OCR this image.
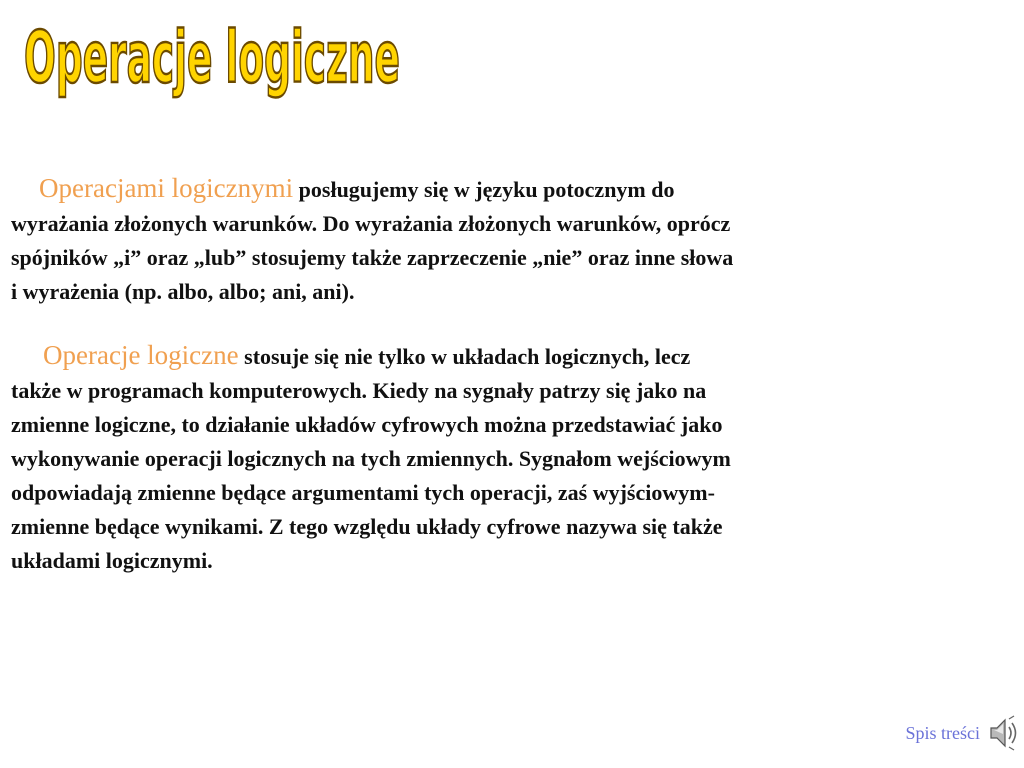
Operacje logiczne

Operacjami logicznymi posługujemy się w języku potocznym do
wyrażania złożonych warunków. Do wyrażania złożonych warunków, oprócz
spójników „i” oraz „lub” stosujemy także zaprzeczenie „nie” oraz inne słowa
i wyrażenia (np. albo, albo; ani, ani).

Operacje logiczne stosuje się nie tylko w układach logicznych, lecz
także w programach komputerowych. Kiedy na sygnały patrzy się jako na
zmienne logiczne, to działanie układów cyfrowych można przedstawiać jako
wykonywanie operacji logicznych na tych zmiennych. Sygnałom wejściowym
odpowiadają zmienne będące argumentami tych operacji, zaś wyjściowym-
zmienne będące wynikami. Z tego względu układy cyfrowe nazywa się także
układami logicznymi.

Spis treści
